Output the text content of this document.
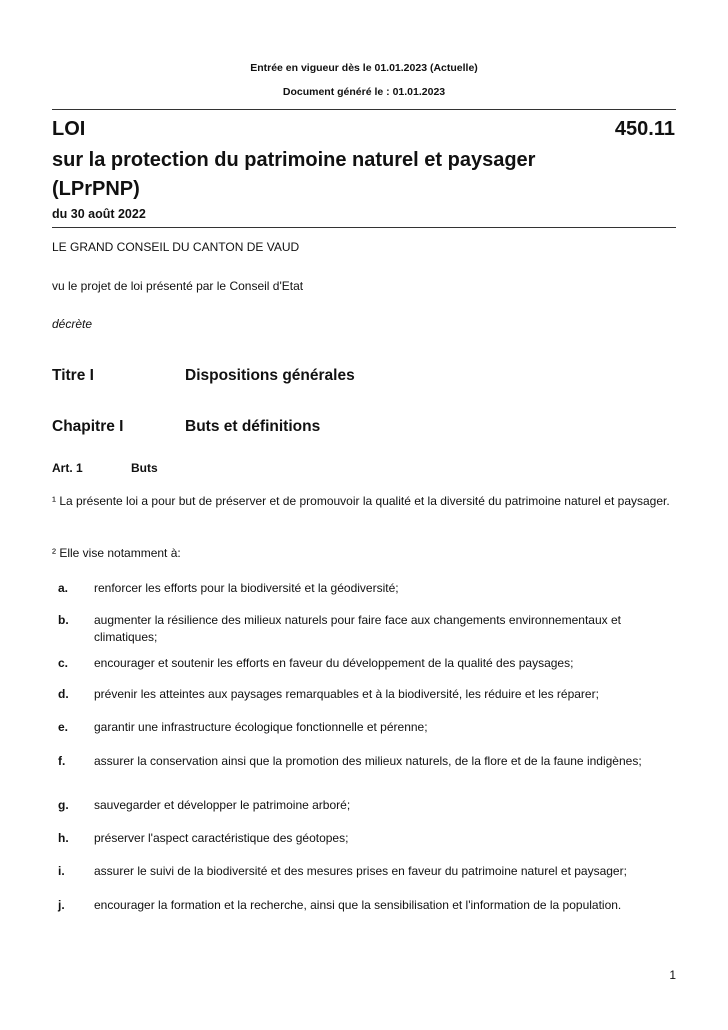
Entrée en vigueur dès le 01.01.2023 (Actuelle)
Document généré le : 01.01.2023
LOI	450.11
sur la protection du patrimoine naturel et paysager
(LPrPNP)
du 30 août 2022
LE GRAND CONSEIL DU CANTON DE VAUD
vu le projet de loi présenté par le Conseil d'Etat
décrète
Titre I	Dispositions générales
Chapitre I	Buts et définitions
Art. 1	Buts
¹ La présente loi a pour but de préserver et de promouvoir la qualité et la diversité du patrimoine naturel et paysager.
² Elle vise notamment à:
a. renforcer les efforts pour la biodiversité et la géodiversité;
b. augmenter la résilience des milieux naturels pour faire face aux changements environnementaux et climatiques;
c. encourager et soutenir les efforts en faveur du développement de la qualité des paysages;
d. prévenir les atteintes aux paysages remarquables et à la biodiversité, les réduire et les réparer;
e. garantir une infrastructure écologique fonctionnelle et pérenne;
f. assurer la conservation ainsi que la promotion des milieux naturels, de la flore et de la faune indigènes;
g. sauvegarder et développer le patrimoine arboré;
h. préserver l'aspect caractéristique des géotopes;
i. assurer le suivi de la biodiversité et des mesures prises en faveur du patrimoine naturel et paysager;
j. encourager la formation et la recherche, ainsi que la sensibilisation et l'information de la population.
1
